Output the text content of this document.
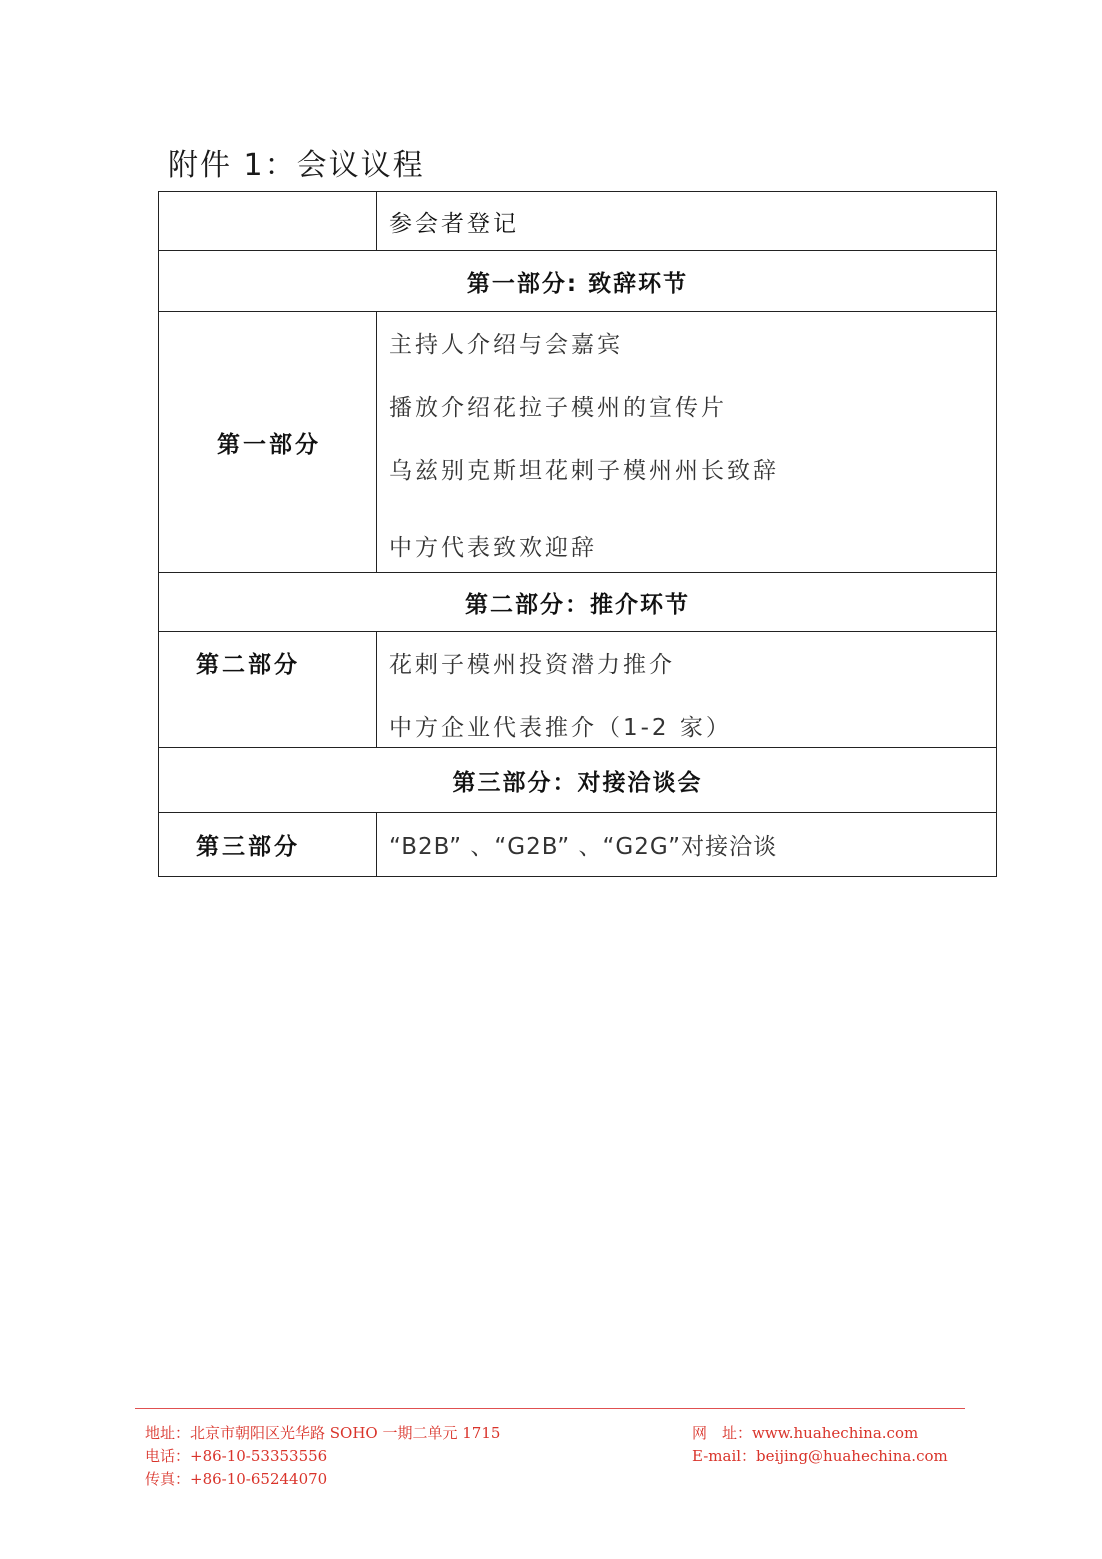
附件 1：会议议程
	参会者登记
第一部分: 致辞环节	

第一部分	主持人介绍与会嘉宾
播放介绍花拉子模州的宣传片
乌兹别克斯坦花剌子模州州长致辞
中方代表致欢迎辞

第二部分：推介环节	

第二部分	花剌子模州投资潜力推介
中方企业代表推介（1-2 家）

第三部分：对接洽谈会	

第三部分	“B2B” 、“G2B” 、“G2G”对接洽谈
地址：北京市朝阳区光华路 SOHO 一期二单元 1715
电话：+86-10-53353556
传真：+86-10-65244070
网　址：www.huahechina.com
E-mail：beijing@huahechina.com
